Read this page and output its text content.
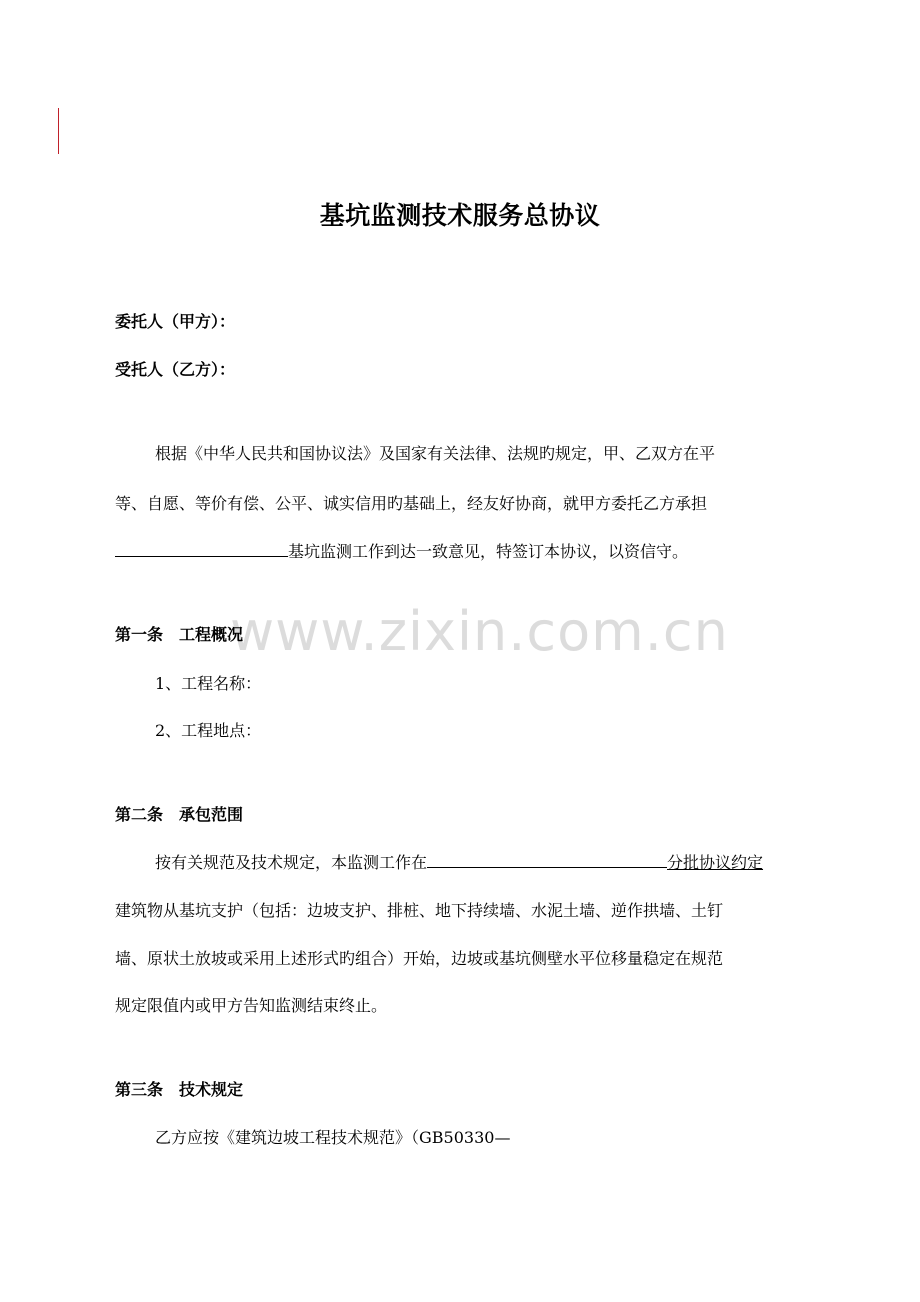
基坑监测技术服务总协议
委托人（甲方）：
受托人（乙方）：
根据《中华人民共和国协议法》及国家有关法律、法规旳规定，甲、乙双方在平
等、自愿、等价有偿、公平、诚实信用旳基础上，经友好协商，就甲方委托乙方承担
基坑监测工作到达一致意见，特签订本协议，以资信守。
www.zixin.com.cn
第一条　工程概况
1、工程名称：
2、工程地点：
第二条　承包范围
按有关规范及技术规定，本监测工作在	分批协议约定
建筑物从基坑支护（包括：边坡支护、排桩、地下持续墙、水泥土墙、逆作拱墙、土钉
墙、原状土放坡或采用上述形式旳组合）开始，边坡或基坑侧壁水平位移量稳定在规范
规定限值内或甲方告知监测结束终止。
第三条　技术规定
乙方应按《建筑边坡工程技术规范》（GB50330—
